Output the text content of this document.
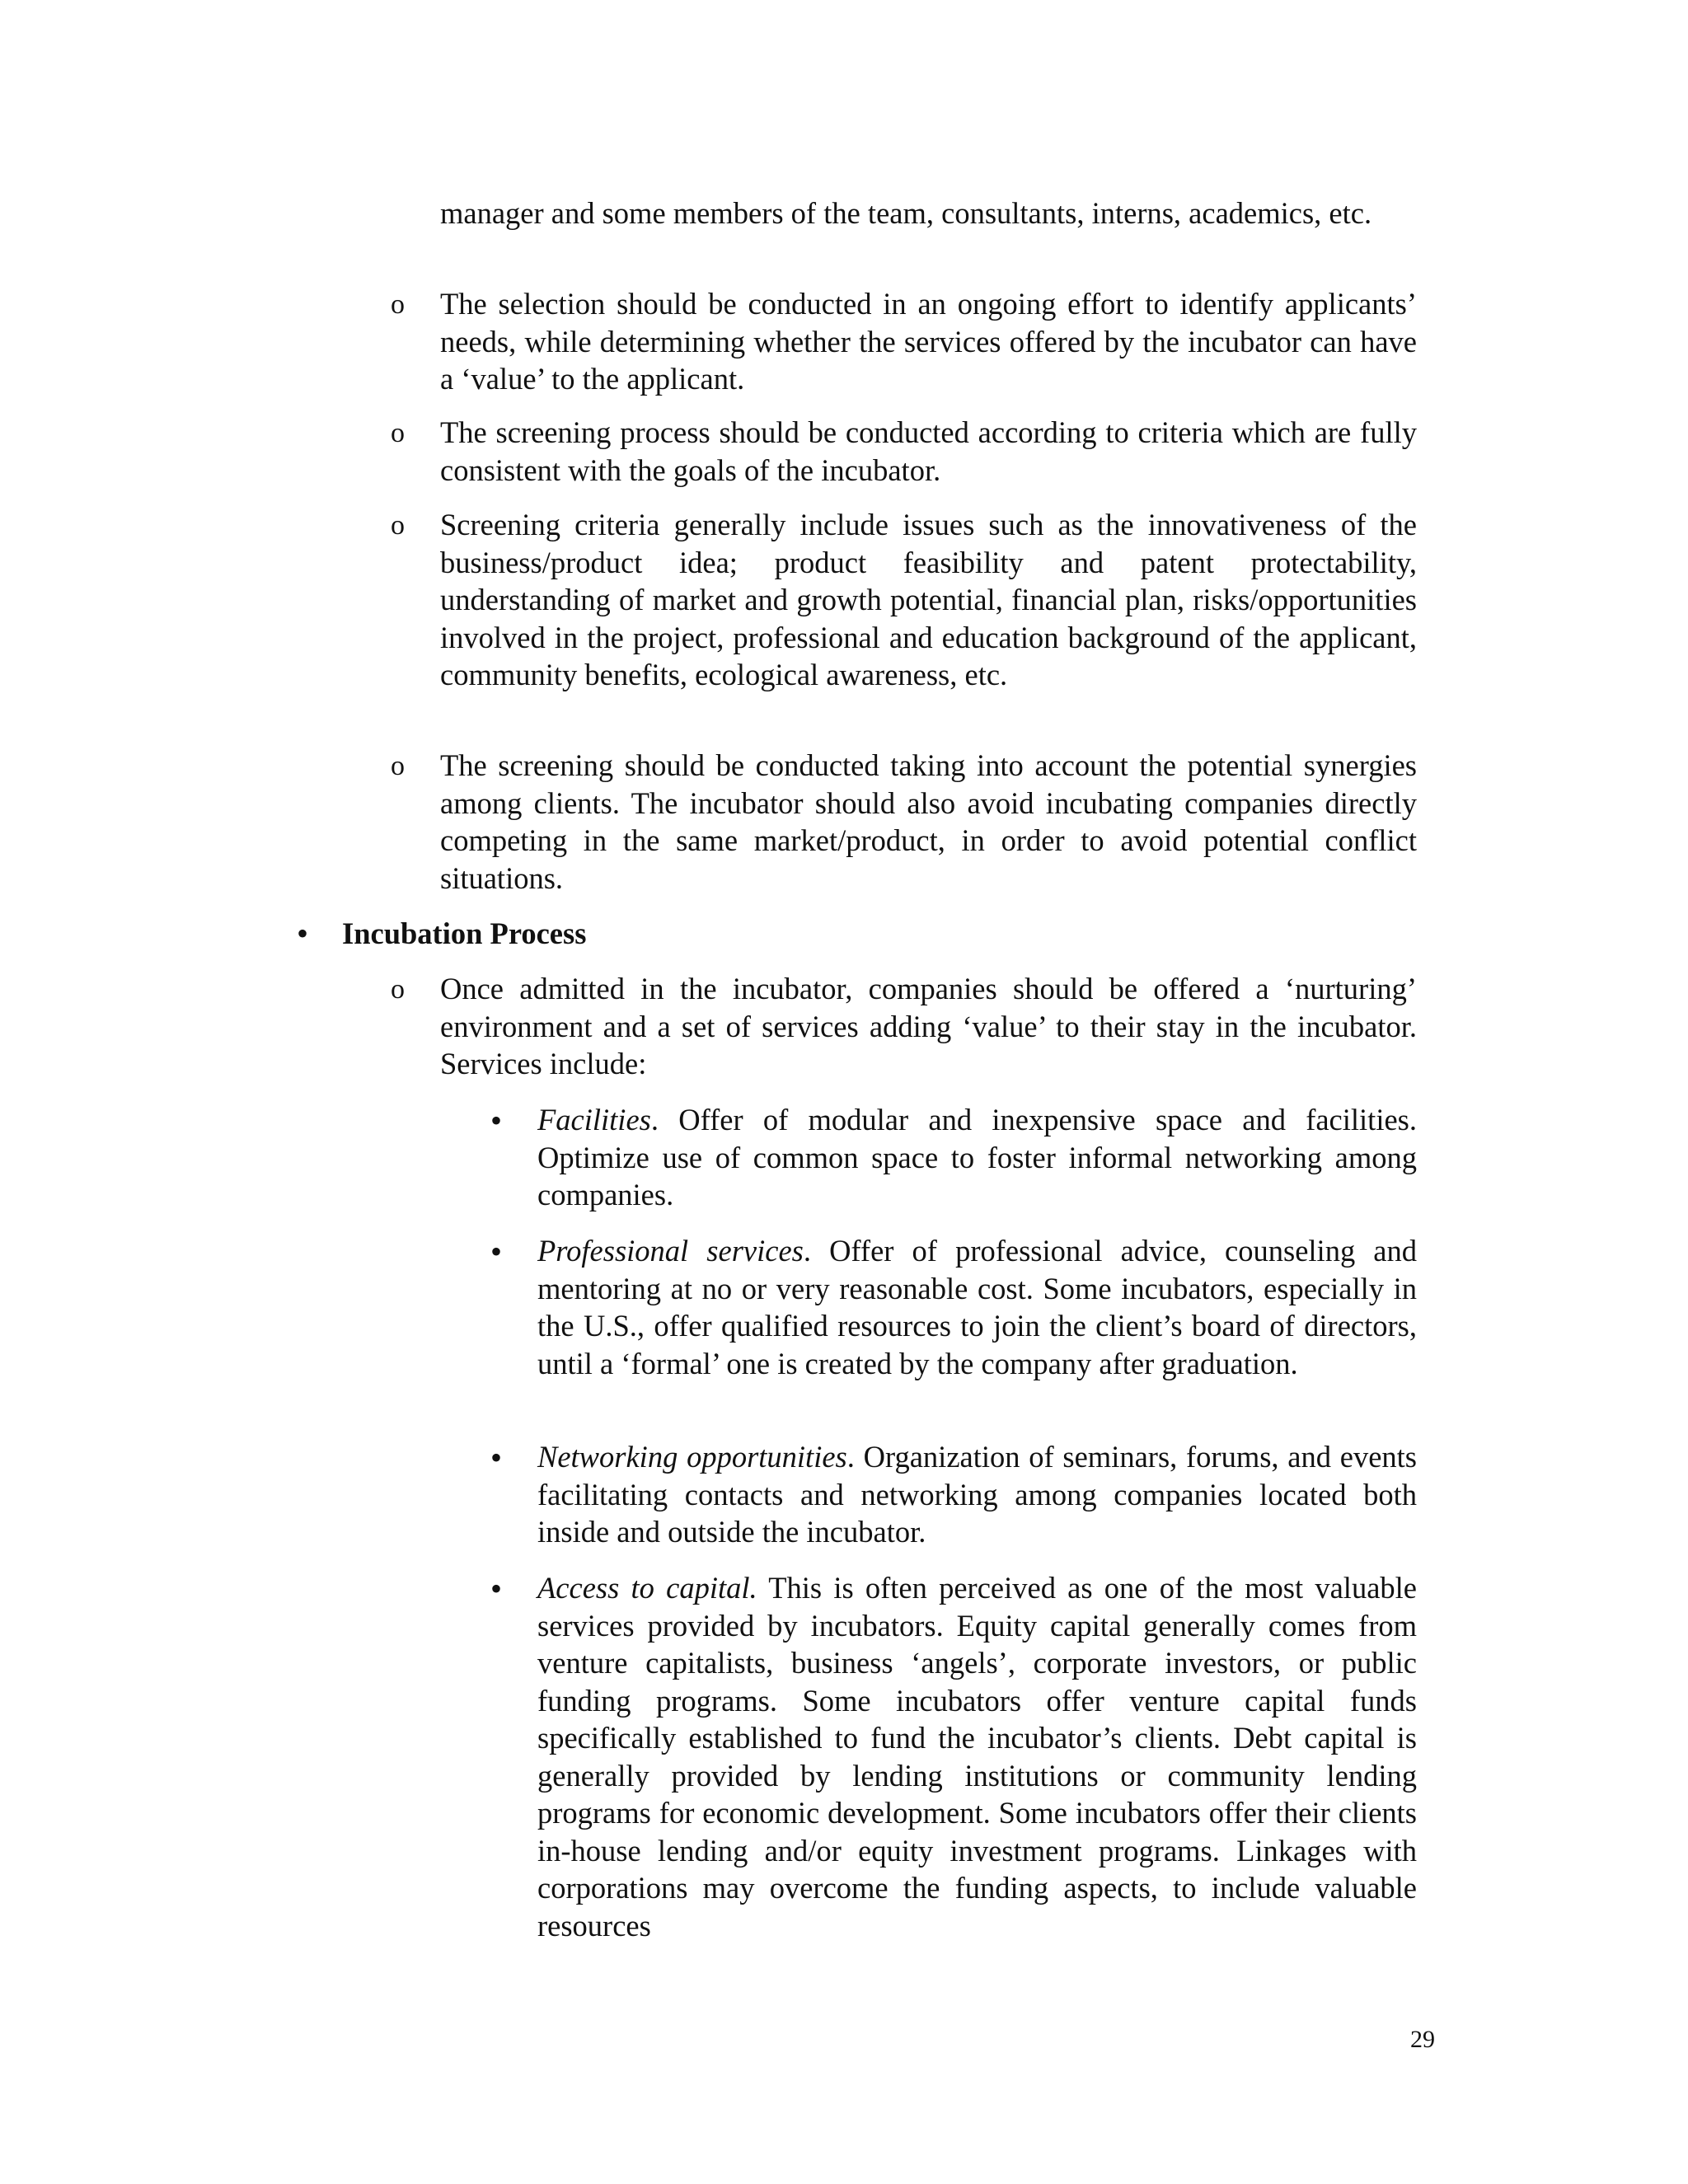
manager and some members of the team, consultants, interns, academics, etc.
o The selection should be conducted in an ongoing effort to identify applicants’ needs, while determining whether the services offered by the incubator can have a ‘value’ to the applicant.
o The screening process should be conducted according to criteria which are fully consistent with the goals of the incubator.
o Screening criteria generally include issues such as the innovativeness of the business/product idea; product feasibility and patent protectability, understanding of market and growth potential, financial plan, risks/opportunities involved in the project, professional and education background of the applicant, community benefits, ecological awareness, etc.
o The screening should be conducted taking into account the potential synergies among clients. The incubator should also avoid incubating companies directly competing in the same market/product, in order to avoid potential conflict situations.
• Incubation Process
o Once admitted in the incubator, companies should be offered a ‘nurturing’ environment and a set of services adding ‘value’ to their stay in the incubator. Services include:
• Facilities. Offer of modular and inexpensive space and facilities. Optimize use of common space to foster informal networking among companies.
• Professional services. Offer of professional advice, counseling and mentoring at no or very reasonable cost. Some incubators, especially in the U.S., offer qualified resources to join the client’s board of directors, until a ‘formal’ one is created by the company after graduation.
• Networking opportunities. Organization of seminars, forums, and events facilitating contacts and networking among companies located both inside and outside the incubator.
• Access to capital. This is often perceived as one of the most valuable services provided by incubators. Equity capital generally comes from venture capitalists, business ‘angels’, corporate investors, or public funding programs. Some incubators offer venture capital funds specifically established to fund the incubator’s clients. Debt capital is generally provided by lending institutions or community lending programs for economic development. Some incubators offer their clients in-house lending and/or equity investment programs. Linkages with corporations may overcome the funding aspects, to include valuable resources
29
